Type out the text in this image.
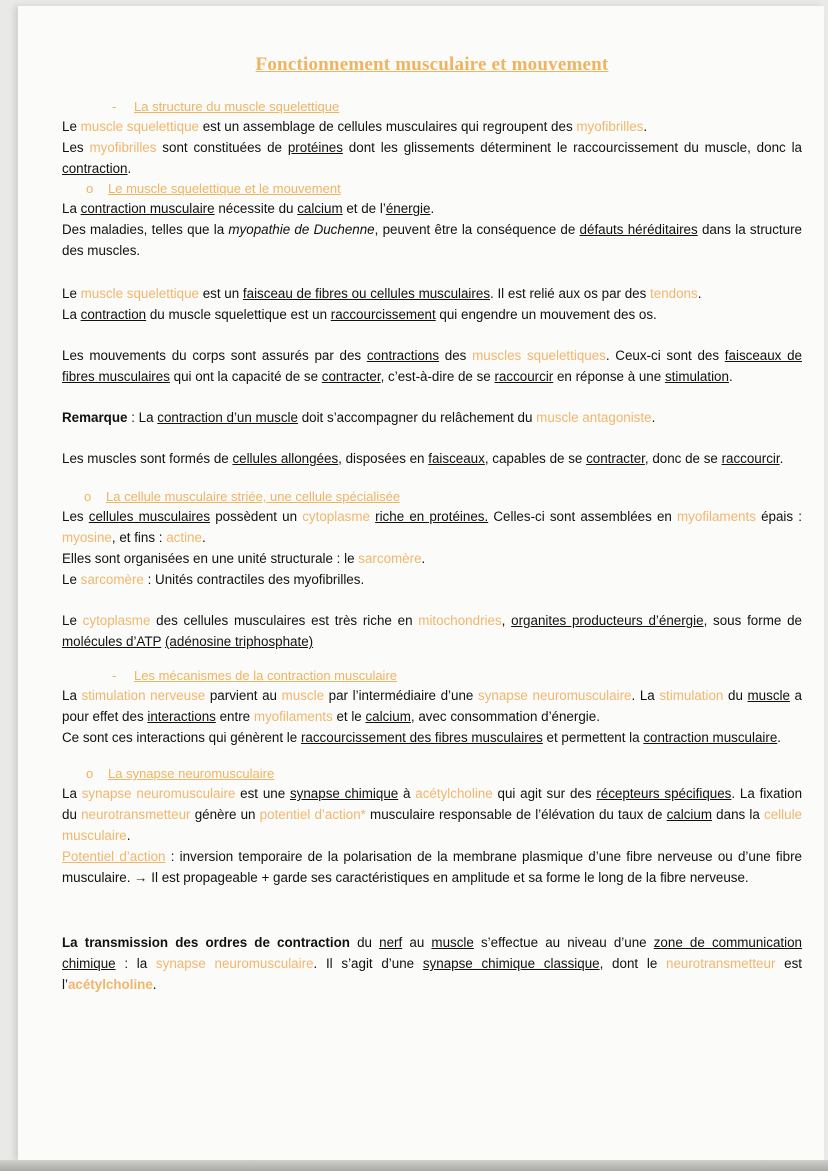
Fonctionnement musculaire et mouvement
- La structure du muscle squelettique

Le muscle squelettique est un assemblage de cellules musculaires qui regroupent des myofibrilles.

Les myofibrilles sont constituées de protéines dont les glissements déterminent le raccourcissement du muscle, donc la contraction.

o Le muscle squelettique et le mouvement

La contraction musculaire nécessite du calcium et de l’énergie.

Des maladies, telles que la myopathie de Duchenne, peuvent être la conséquence de défauts héréditaires dans la structure des muscles.

Le muscle squelettique est un faisceau de fibres ou cellules musculaires. Il est relié aux os par des tendons.

La contraction du muscle squelettique est un raccourcissement qui engendre un mouvement des os.

Les mouvements du corps sont assurés par des contractions des muscles squelettiques. Ceux-ci sont des faisceaux de fibres musculaires qui ont la capacité de se contracter, c’est-à-dire de se raccourcir en réponse à une stimulation.

Remarque : La contraction d’un muscle doit s’accompagner du relâchement du muscle antagoniste.

Les muscles sont formés de cellules allongées, disposées en faisceaux, capables de se contracter, donc de se raccourcir.

o La cellule musculaire striée, une cellule spécialisée

Les cellules musculaires possèdent un cytoplasme riche en protéines. Celles-ci sont assemblées en myofilaments épais : myosine, et fins : actine.

Elles sont organisées en une unité structurale : le sarcomère.

Le sarcomère : Unités contractiles des myofibrilles.

Le cytoplasme des cellules musculaires est très riche en mitochondries, organites producteurs d’énergie, sous forme de molécules d’ATP (adénosine triphosphate)

- Les mécanismes de la contraction musculaire

La stimulation nerveuse parvient au muscle par l’intermédiaire d’une synapse neuromusculaire. La stimulation du muscle a pour effet des interactions entre myofilaments et le calcium, avec consommation d’énergie.

Ce sont ces interactions qui génèrent le raccourcissement des fibres musculaires et permettent la contraction musculaire.

o La synapse neuromusculaire

La synapse neuromusculaire est une synapse chimique à acétylcholine qui agit sur des récepteurs spécifiques. La fixation du neurotransmetteur génère un potentiel d’action* musculaire responsable de l’élévation du taux de calcium dans la cellule musculaire.

Potentiel d’action : inversion temporaire de la polarisation de la membrane plasmique d’une fibre nerveuse ou d’une fibre musculaire. → Il est propageable + garde ses caractéristiques en amplitude et sa forme le long de la fibre nerveuse.

La transmission des ordres de contraction du nerf au muscle s’effectue au niveau d’une zone de communication chimique : la synapse neuromusculaire. Il s’agit d’une synapse chimique classique, dont le neurotransmetteur est l’acétylcholine.
